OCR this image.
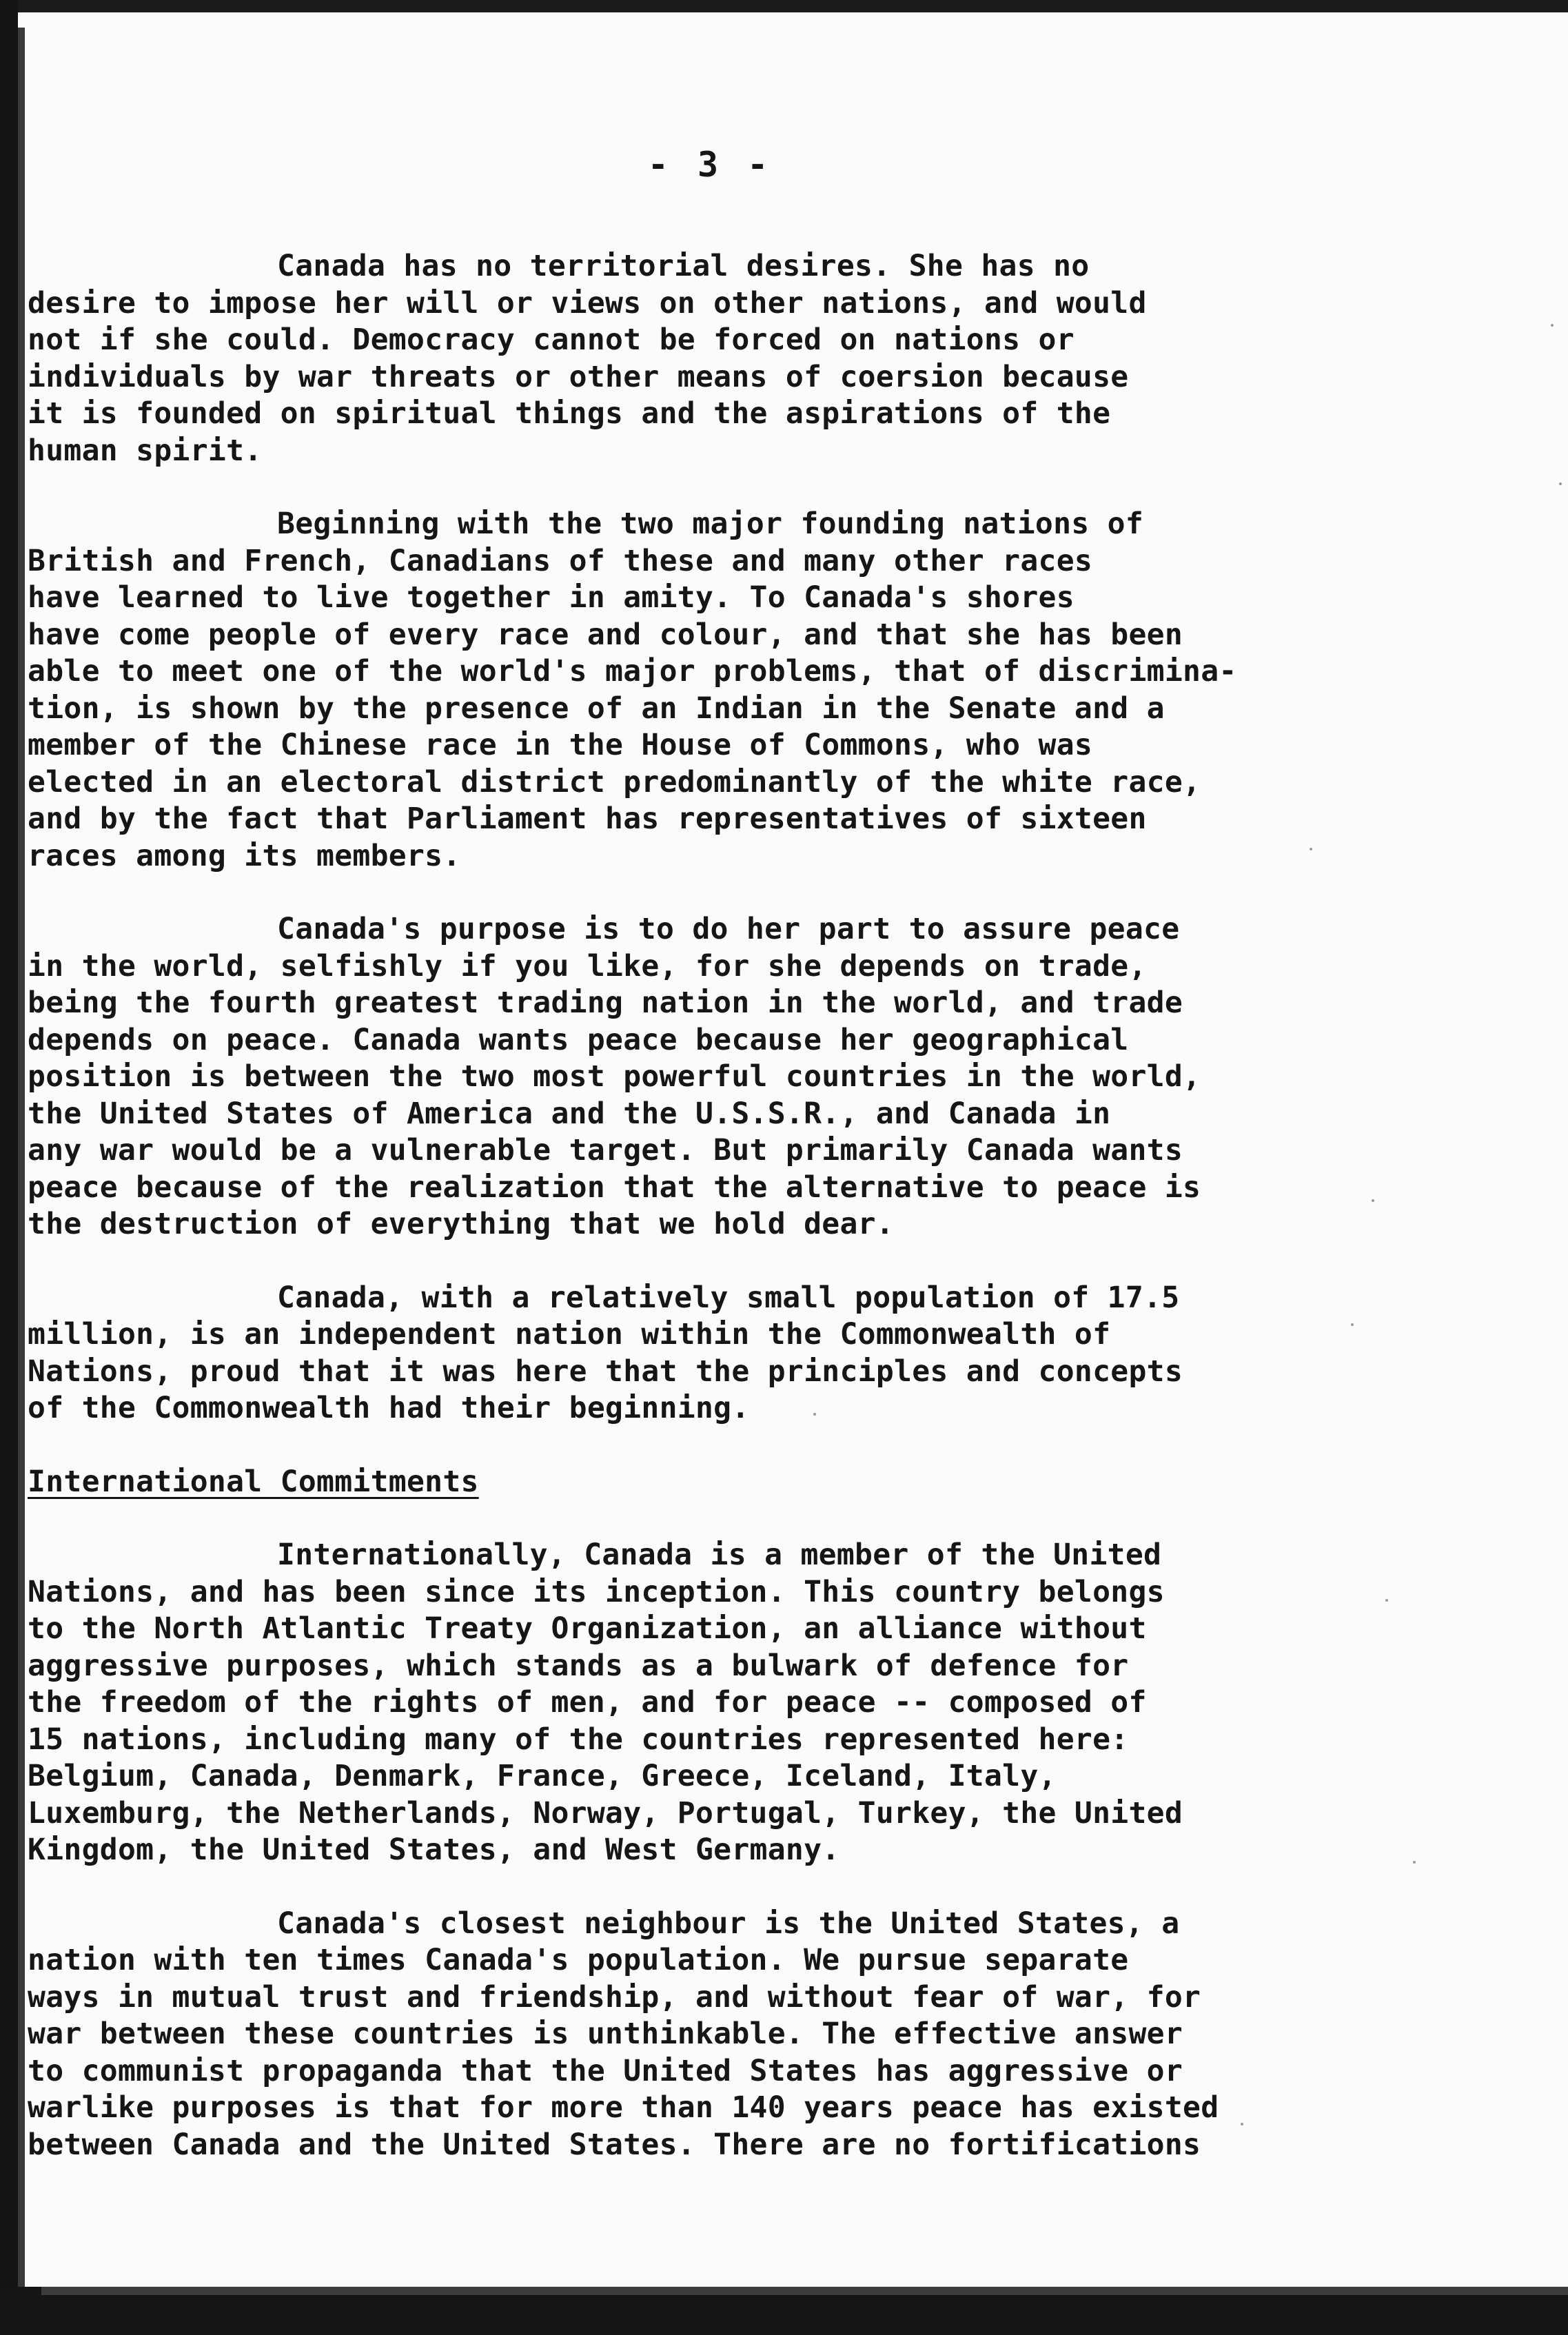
- 3 -
Canada has no territorial desires. She has no
desire to impose her will or views on other nations, and would
not if she could. Democracy cannot be forced on nations or
individuals by war threats or other means of coersion because
it is founded on spiritual things and the aspirations of the
human spirit.
Beginning with the two major founding nations of
British and French, Canadians of these and many other races
have learned to live together in amity. To Canada's shores
have come people of every race and colour, and that she has been
able to meet one of the world's major problems, that of discrimina-
tion, is shown by the presence of an Indian in the Senate and a
member of the Chinese race in the House of Commons, who was
elected in an electoral district predominantly of the white race,
and by the fact that Parliament has representatives of sixteen
races among its members.
Canada's purpose is to do her part to assure peace
in the world, selfishly if you like, for she depends on trade,
being the fourth greatest trading nation in the world, and trade
depends on peace. Canada wants peace because her geographical
position is between the two most powerful countries in the world,
the United States of America and the U.S.S.R., and Canada in
any war would be a vulnerable target. But primarily Canada wants
peace because of the realization that the alternative to peace is
the destruction of everything that we hold dear.
Canada, with a relatively small population of 17.5
million, is an independent nation within the Commonwealth of
Nations, proud that it was here that the principles and concepts
of the Commonwealth had their beginning.
International Commitments
Internationally, Canada is a member of the United
Nations, and has been since its inception. This country belongs
to the North Atlantic Treaty Organization, an alliance without
aggressive purposes, which stands as a bulwark of defence for
the freedom of the rights of men, and for peace -- composed of
15 nations, including many of the countries represented here:
Belgium, Canada, Denmark, France, Greece, Iceland, Italy,
Luxemburg, the Netherlands, Norway, Portugal, Turkey, the United
Kingdom, the United States, and West Germany.
Canada's closest neighbour is the United States, a
nation with ten times Canada's population. We pursue separate
ways in mutual trust and friendship, and without fear of war, for
war between these countries is unthinkable. The effective answer
to communist propaganda that the United States has aggressive or
warlike purposes is that for more than 140 years peace has existed
between Canada and the United States. There are no fortifications
